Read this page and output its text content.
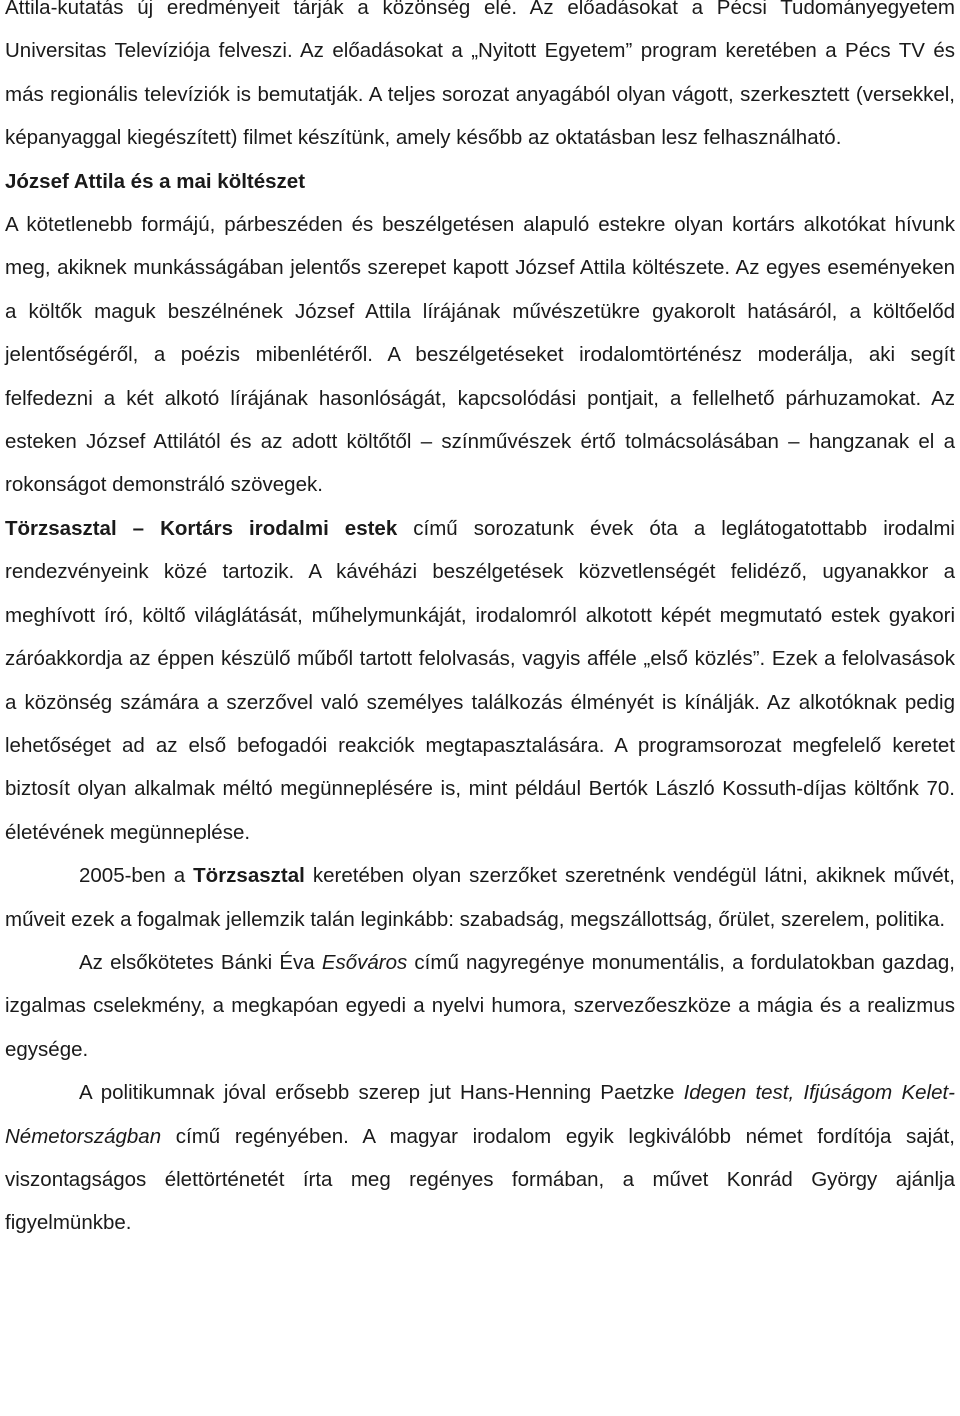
Attila-kutatás új eredményeit tárják a közönség elé. Az előadásokat a Pécsi Tudományegyetem Universitas Televíziója felveszi. Az előadásokat a „Nyitott Egyetem” program keretében a Pécs TV és más regionális televíziók is bemutatják. A teljes sorozat anyagából olyan vágott, szerkesztett (versekkel, képanyaggal kiegészített) filmet készítünk, amely később az oktatásban lesz felhasználható.

József Attila és a mai költészet

A kötetlenebb formájú, párbeszéden és beszélgetésen alapuló estekre olyan kortárs alkotókat hívunk meg, akiknek munkásságában jelentős szerepet kapott József Attila költészete. Az egyes eseményeken a költők maguk beszélnének József Attila lírájának művészetükre gyakorolt hatásáról, a költőelőd jelentőségéről, a poézis mibenlétéről. A beszélgetéseket irodalomtörténész moderálja, aki segít felfedezni a két alkotó lírájának hasonlóságát, kapcsolódási pontjait, a fellelhető párhuzamokat. Az esteken József Attilától és az adott költőtől – színművészek értő tolmácsolásában – hangzanak el a rokonságot demonstráló szövegek.

Törzsasztal – Kortárs irodalmi estek című sorozatunk évek óta a leglátogatottabb irodalmi rendezvényeink közé tartozik. A kávéházi beszélgetések közvetlenségét felidéző, ugyanakkor a meghívott író, költő világlátását, műhelymunkáját, irodalomról alkotott képét megmutató estek gyakori záróakkordja az éppen készülő műből tartott felolvasás, vagyis afféle „első közlés”. Ezek a felolvasások a közönség számára a szerzővel való személyes találkozás élményét is kínálják. Az alkotóknak pedig lehetőséget ad az első befogadói reakciók megtapasztalására. A programsorozat megfelelő keretet biztosít olyan alkalmak méltó megünneplésére is, mint például Bertók László Kossuth-díjas költőnk 70. életévének megünneplése.

2005-ben a Törzsasztal keretében olyan szerzőket szeretnénk vendégül látni, akiknek művét, műveit ezek a fogalmak jellemzik talán leginkább: szabadság, megszállottság, őrület, szerelem, politika.

Az elsőkötetes Bánki Éva Esőváros című nagyregénye monumentális, a fordulatokban gazdag, izgalmas cselekmény, a megkapóan egyedi a nyelvi humora, szervezőeszköze a mágia és a realizmus egysége.

A politikumnak jóval erősebb szerep jut Hans-Henning Paetzke Idegen test, Ifjúságom Kelet-Németországban című regényében. A magyar irodalom egyik legkiválóbb német fordítója saját, viszontagságos élettörténetét írta meg regényes formában, a művet Konrád György ajánlja figyelmünkbe.
